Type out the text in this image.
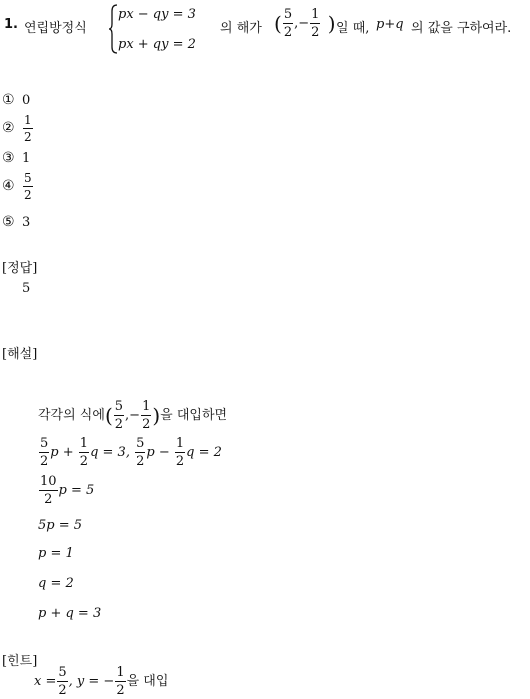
1. 연립방정식
px − qy = 3
px + qy = 2
의 해가 ( $\frac{5}{2}$ ,− $\frac{1}{2}$ ) 일 때, p+q 의 값을 구하여라.
① 0
② $\frac{1}{2}$
③ 1
④ $\frac{5}{2}$
⑤ 3
[정답]
5
[해설]
각각의 식에( $\frac{5}{2}$ ,− $\frac{1}{2}$ )을 대입하면
$\frac{5}{2}$ $p + \frac{1}{2}$ q = 3, $\frac{5}{2}$ $p - \frac{1}{2}$ q = 2
$\frac{10}{2}$ p = 5
5p = 5
p = 1
q = 2
p + q = 3
[힌트]
$x = \frac{5}{2}$ , y = − $\frac{1}{2}$ 을 대입
